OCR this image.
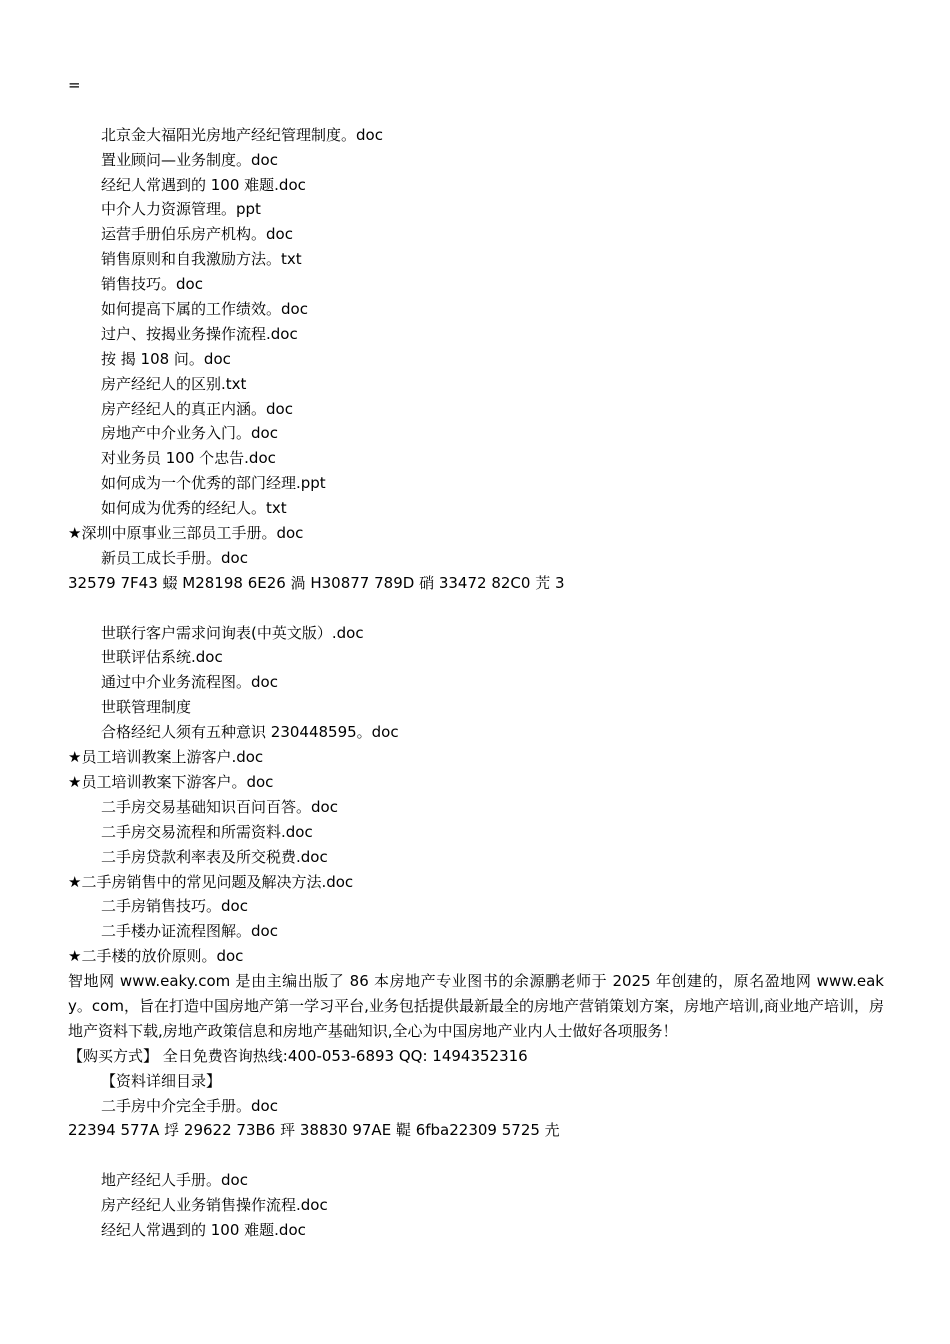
=
北京金大福阳光房地产经纪管理制度。doc
置业顾问—业务制度。doc
经纪人常遇到的 100 难题.doc
中介人力资源管理。ppt
运营手册伯乐房产机构。doc
销售原则和自我激励方法。txt
销售技巧。doc
如何提高下属的工作绩效。doc
过户、按揭业务操作流程.doc
按 揭 108 问。doc
房产经纪人的区别.txt
房产经纪人的真正内涵。doc
房地产中介业务入门。doc
对业务员 100 个忠告.doc
如何成为一个优秀的部门经理.ppt
如何成为优秀的经纪人。txt
★深圳中原事业三部员工手册。doc
新员工成长手册。doc
32579 7F43 蝃 M28198 6E26 渦 H30877 789D 硝 33472 82C0 苀 3
世联行客户需求问询表(中英文版）.doc
世联评估系统.doc
通过中介业务流程图。doc
世联管理制度
合格经纪人须有五种意识 230448595。doc
★员工培训教案上游客户.doc
★员工培训教案下游客户。doc
二手房交易基础知识百问百答。doc
二手房交易流程和所需资料.doc
二手房贷款利率表及所交税费.doc
★二手房销售中的常见问题及解决方法.doc
二手房销售技巧。doc
二手楼办证流程图解。doc
★二手楼的放价原则。doc
智地网 www.eaky.com 是由主编出版了 86 本房地产专业图书的余源鹏老师于 2025 年创建的，原名盈地网 www.eaky。com，旨在打造中国房地产第一学习平台,业务包括提供最新最全的房地产营销策划方案，房地产培训,商业地产培训，房地产资料下载,房地产政策信息和房地产基础知识,全心为中国房地产业内人士做好各项服务！
【购买方式】 全日免费咨询热线:400-053-6893 QQ: 1494352316
【资料详细目录】
二手房中介完全手册。doc
22394 577A 垺 29622 73B6 玶 38830 97AE 鞮 6fba22309 5725 圥
地产经纪人手册。doc
房产经纪人业务销售操作流程.doc
经纪人常遇到的 100 难题.doc
